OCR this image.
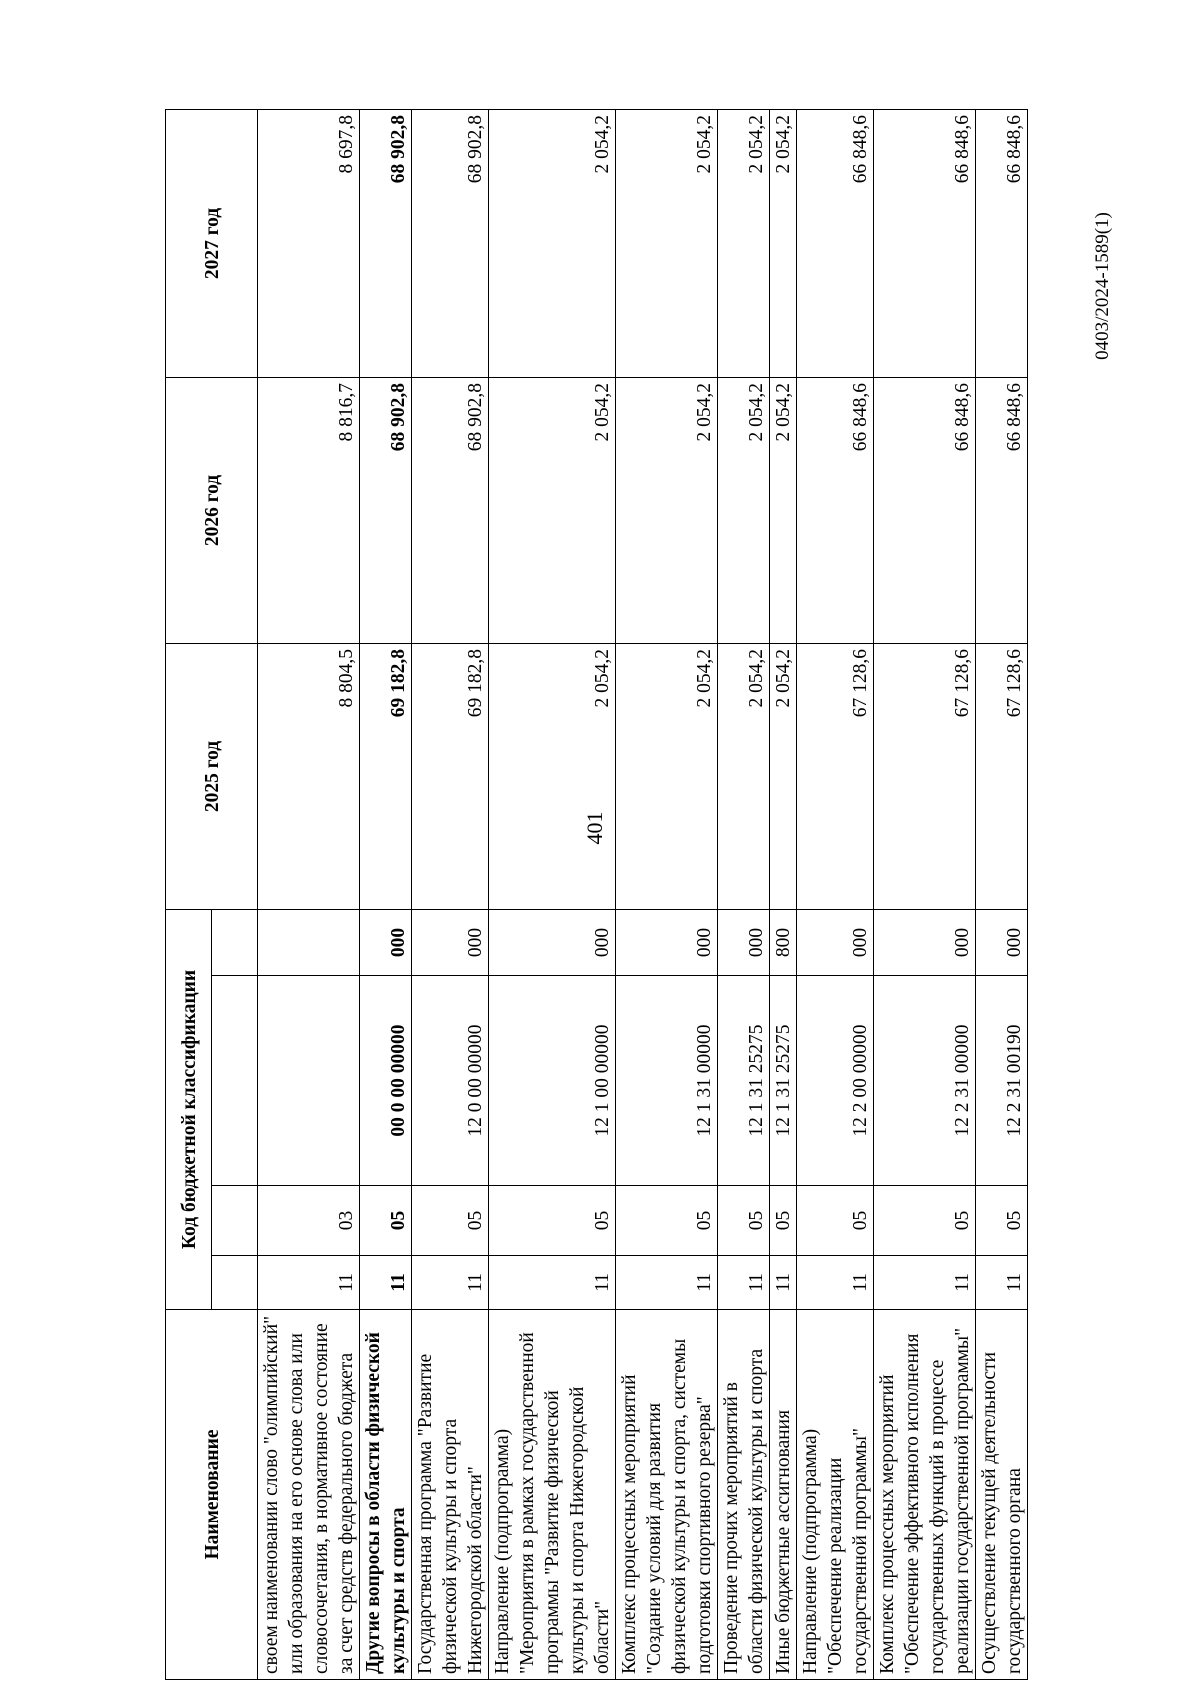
401
0403/2024-1589(1)
Наименование	Код бюджетной классификации				2025 год	2026 год	2027 год

своем наименовании слово "олимпийский" или образования на его основе слова или словосочетания, в нормативное состояние за счет средств федерального бюджета	11	03			8 804,5	8 816,7	8 697,8
Другие вопросы в области физической культуры и спорта	11	05	00 0 00 00000	000	69 182,8	68 902,8	68 902,8
Государственная программа "Развитие физической культуры и спорта Нижегородской области"	11	05	12 0 00 00000	000	69 182,8	68 902,8	68 902,8
Направление (подпрограмма) "Мероприятия в рамках государственной программы "Развитие физической культуры и спорта Нижегородской области"	11	05	12 1 00 00000	000	2 054,2	2 054,2	2 054,2
Комплекс процессных мероприятий "Создание условий для развития физической культуры и спорта, системы подготовки спортивного резерва"	11	05	12 1 31 00000	000	2 054,2	2 054,2	2 054,2
Проведение прочих мероприятий в области физической культуры и спорта	11	05	12 1 31 25275	000	2 054,2	2 054,2	2 054,2
Иные бюджетные ассигнования	11	05	12 1 31 25275	800	2 054,2	2 054,2	2 054,2
Направление (подпрограмма) "Обеспечение реализации государственной программы"	11	05	12 2 00 00000	000	67 128,6	66 848,6	66 848,6
Комплекс процессных мероприятий "Обеспечение эффективного исполнения государственных функций в процессе реализации государственной программы"	11	05	12 2 31 00000	000	67 128,6	66 848,6	66 848,6
Осуществление текущей деятельности государственного органа	11	05	12 2 31 00190	000	67 128,6	66 848,6	66 848,6
